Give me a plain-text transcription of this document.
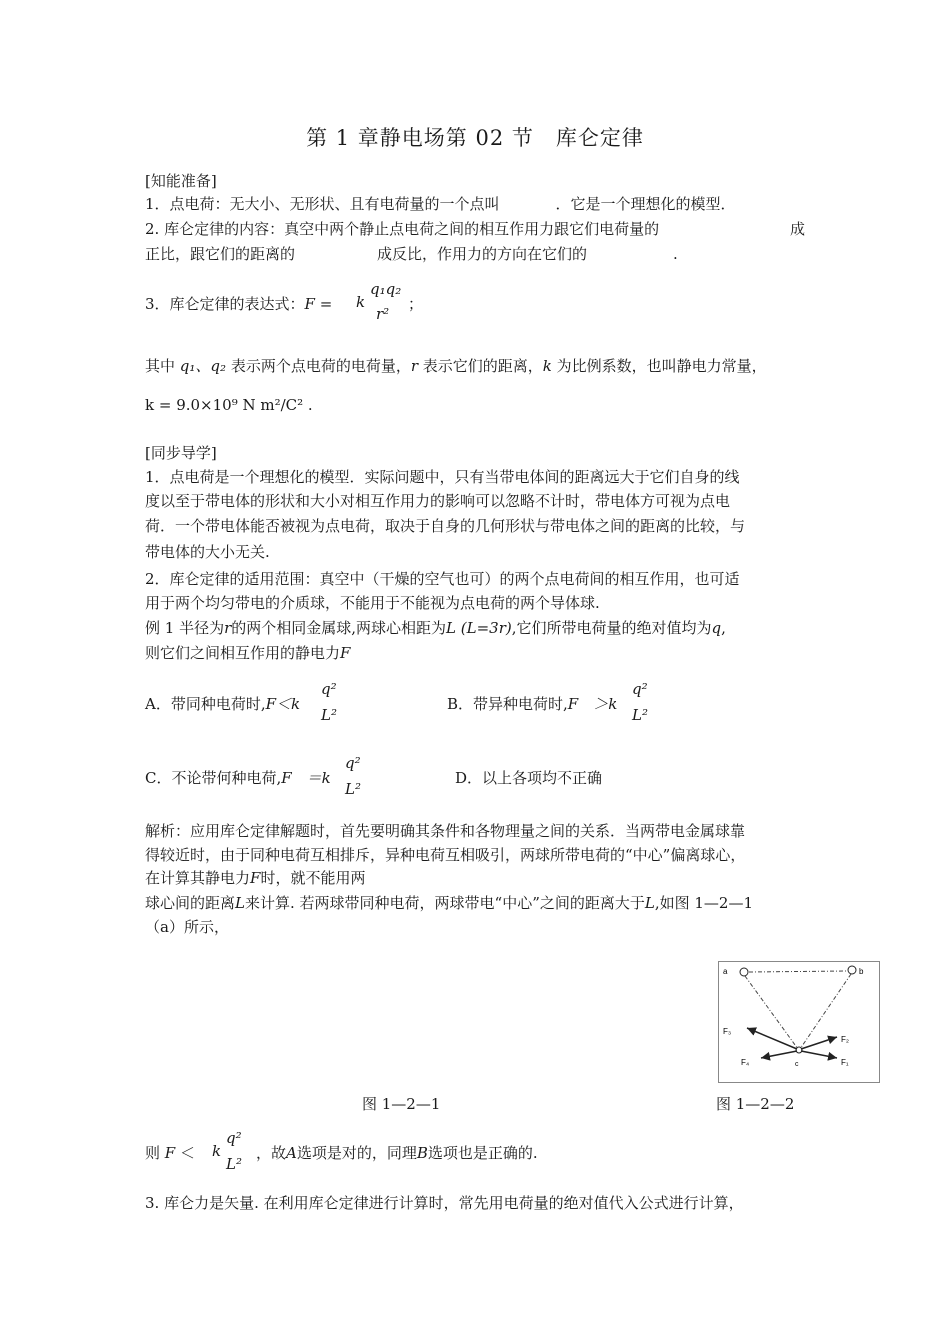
第 1 章静电场第 02 节　库仑定律
[知能准备]
1．点电荷：无大小、无形状、且有电荷量的一个点叫	．它是一个理想化的模型．
2. 库仑定律的内容：真空中两个静止点电荷之间的相互作用力跟它们电荷量的	成
正比，跟它们的距离的	成反比，作用力的方向在它们的	.
3．库仑定律的表达式：F = k
q₁q₂
r²
；
其中 q₁、q₂ 表示两个点电荷的电荷量，r 表示它们的距离，k 为比例系数，也叫静电力常量，
k = 9.0×10⁹ N m²/C² .
[同步导学]
1．点电荷是一个理想化的模型．实际问题中，只有当带电体间的距离远大于它们自身的线
度以至于带电体的形状和大小对相互作用力的影响可以忽略不计时，带电体方可视为点电
荷．一个带电体能否被视为点电荷，取决于自身的几何形状与带电体之间的距离的比较，与
带电体的大小无关.
2．库仑定律的适用范围：真空中（干燥的空气也可）的两个点电荷间的相互作用，也可适
用于两个均匀带电的介质球，不能用于不能视为点电荷的两个导体球.
例 1 半径为r的两个相同金属球,两球心相距为L (L=3r),它们所带电荷量的绝对值均为q,
则它们之间相互作用的静电力F
A．带同种电荷时,F＜k
q²
L²
B．带异种电荷时,F　＞k
q²
L²
C．不论带何种电荷,F　＝k
q²
L²
D．以上各项均不正确
解析：应用库仑定律解题时，首先要明确其条件和各物理量之间的关系．当两带电金属球靠
得较近时，由于同种电荷互相排斥，异种电荷互相吸引，两球所带电荷的“中心”偏离球心，
在计算其静电力F时，就不能用两
球心间的距离L来计算. 若两球带同种电荷，两球带电“中心”之间的距离大于L,如图 1—2—1
（a）所示，
a	b
c
F₃
F₂
F₄	F₁
图 1—2—1	图 1—2—2
则 F ＜ k
q²
L²
，故A选项是对的，同理B选项也是正确的.
3. 库仑力是矢量. 在利用库仑定律进行计算时，常先用电荷量的绝对值代入公式进行计算，
